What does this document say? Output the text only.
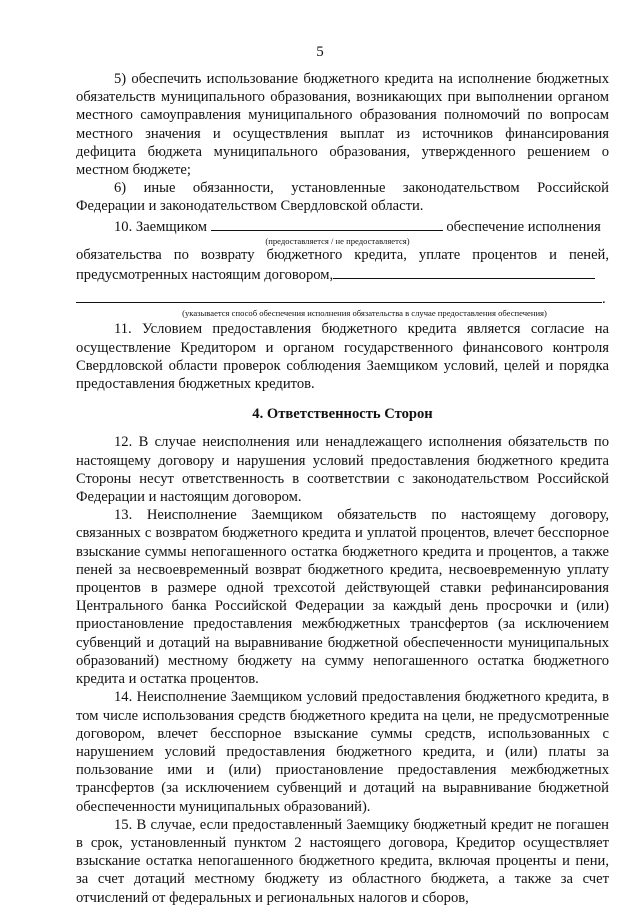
5

5) обеспечить использование бюджетного кредита на исполнение бюджетных обязательств муниципального образования, возникающих при выполнении органом местного самоуправления муниципального образования полномочий по вопросам местного значения и осуществления выплат из источников финансирования дефицита бюджета муниципального образования, утвержденного решением о местном бюджете;

6) иные обязанности, установленные законодательством Российской Федерации и законодательством Свердловской области.

10. Заемщиком	обеспечение исполнения
(предоставляется / не предоставляется)
обязательства по возврату бюджетного кредита, уплате процентов и пеней,
предусмотренных настоящим договором,
.
(указывается способ обеспечения исполнения обязательства в случае предоставления обеспечения)

11. Условием предоставления бюджетного кредита является согласие на осуществление Кредитором и органом государственного финансового контроля Свердловской области проверок соблюдения Заемщиком условий, целей и порядка предоставления бюджетных кредитов.

4. Ответственность Сторон

12. В случае неисполнения или ненадлежащего исполнения обязательств по настоящему договору и нарушения условий предоставления бюджетного кредита Стороны несут ответственность в соответствии с законодательством Российской Федерации и настоящим договором.

13. Неисполнение Заемщиком обязательств по настоящему договору, связанных с возвратом бюджетного кредита и уплатой процентов, влечет бесспорное взыскание суммы непогашенного остатка бюджетного кредита и процентов, а также пеней за несвоевременный возврат бюджетного кредита, несвоевременную уплату процентов в размере одной трехсотой действующей ставки рефинансирования Центрального банка Российской Федерации за каждый день просрочки и (или) приостановление предоставления межбюджетных трансфертов (за исключением субвенций и дотаций на выравнивание бюджетной обеспеченности муниципальных образований) местному бюджету на сумму непогашенного остатка бюджетного кредита и остатка процентов.

14. Неисполнение Заемщиком условий предоставления бюджетного кредита, в том числе использования средств бюджетного кредита на цели, не предусмотренные договором, влечет бесспорное взыскание суммы средств, использованных с нарушением условий предоставления бюджетного кредита, и (или) платы за пользование ими и (или) приостановление предоставления межбюджетных трансфертов (за исключением субвенций и дотаций на выравнивание бюджетной обеспеченности муниципальных образований).

15. В случае, если предоставленный Заемщику бюджетный кредит не погашен в срок, установленный пунктом 2 настоящего договора, Кредитор осуществляет взыскание остатка непогашенного бюджетного кредита, включая проценты и пени, за счет дотаций местному бюджету из областного бюджета, а также за счет отчислений от федеральных и региональных налогов и сборов,
